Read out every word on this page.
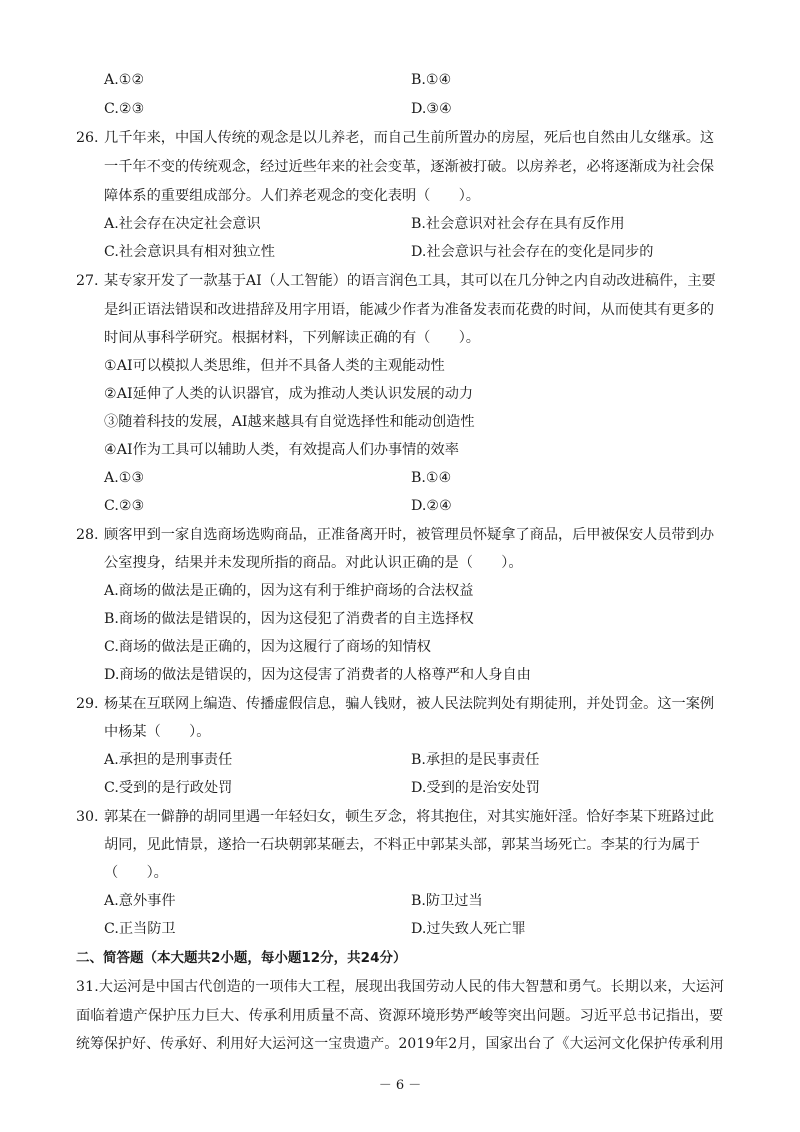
A.①②	B.①④
C.②③	D.③④
26. 几千年来，中国人传统的观念是以儿养老，而自己生前所置办的房屋，死后也自然由儿女继承。这
一千年不变的传统观念，经过近些年来的社会变革，逐渐被打破。以房养老，必将逐渐成为社会保
障体系的重要组成部分。人们养老观念的变化表明（　　）。
A.社会存在决定社会意识	B.社会意识对社会存在具有反作用
C.社会意识具有相对独立性	D.社会意识与社会存在的变化是同步的
27. 某专家开发了一款基于AI（人工智能）的语言润色工具，其可以在几分钟之内自动改进稿件，主要
是纠正语法错误和改进措辞及用字用语，能减少作者为准备发表而花费的时间，从而使其有更多的
时间从事科学研究。根据材料，下列解读正确的有（　　）。
①AI可以模拟人类思维，但并不具备人类的主观能动性
②AI延伸了人类的认识器官，成为推动人类认识发展的动力
③随着科技的发展，AI越来越具有自觉选择性和能动创造性
④AI作为工具可以辅助人类，有效提高人们办事情的效率
A.①③	B.①④
C.②③	D.②④
28. 顾客甲到一家自选商场选购商品，正准备离开时，被管理员怀疑拿了商品，后甲被保安人员带到办
公室搜身，结果并未发现所指的商品。对此认识正确的是（　　）。
A.商场的做法是正确的，因为这有利于维护商场的合法权益
B.商场的做法是错误的，因为这侵犯了消费者的自主选择权
C.商场的做法是正确的，因为这履行了商场的知情权
D.商场的做法是错误的，因为这侵害了消费者的人格尊严和人身自由
29. 杨某在互联网上编造、传播虚假信息，骗人钱财，被人民法院判处有期徒刑，并处罚金。这一案例
中杨某（　　）。
A.承担的是刑事责任	B.承担的是民事责任
C.受到的是行政处罚	D.受到的是治安处罚
30. 郭某在一僻静的胡同里遇一年轻妇女，顿生歹念，将其抱住，对其实施奸淫。恰好李某下班路过此
胡同，见此情景，遂拾一石块朝郭某砸去，不料正中郭某头部，郭某当场死亡。李某的行为属于
（　　）。
A.意外事件	B.防卫过当
C.正当防卫	D.过失致人死亡罪
二、简答题（本大题共2小题，每小题12分，共24分）
31.大运河是中国古代创造的一项伟大工程，展现出我国劳动人民的伟大智慧和勇气。长期以来，大运河
面临着遗产保护压力巨大、传承利用质量不高、资源环境形势严峻等突出问题。习近平总书记指出，要
统筹保护好、传承好、利用好大运河这一宝贵遗产。2019年2月，国家出台了《大运河文化保护传承利用
－ 6 －
